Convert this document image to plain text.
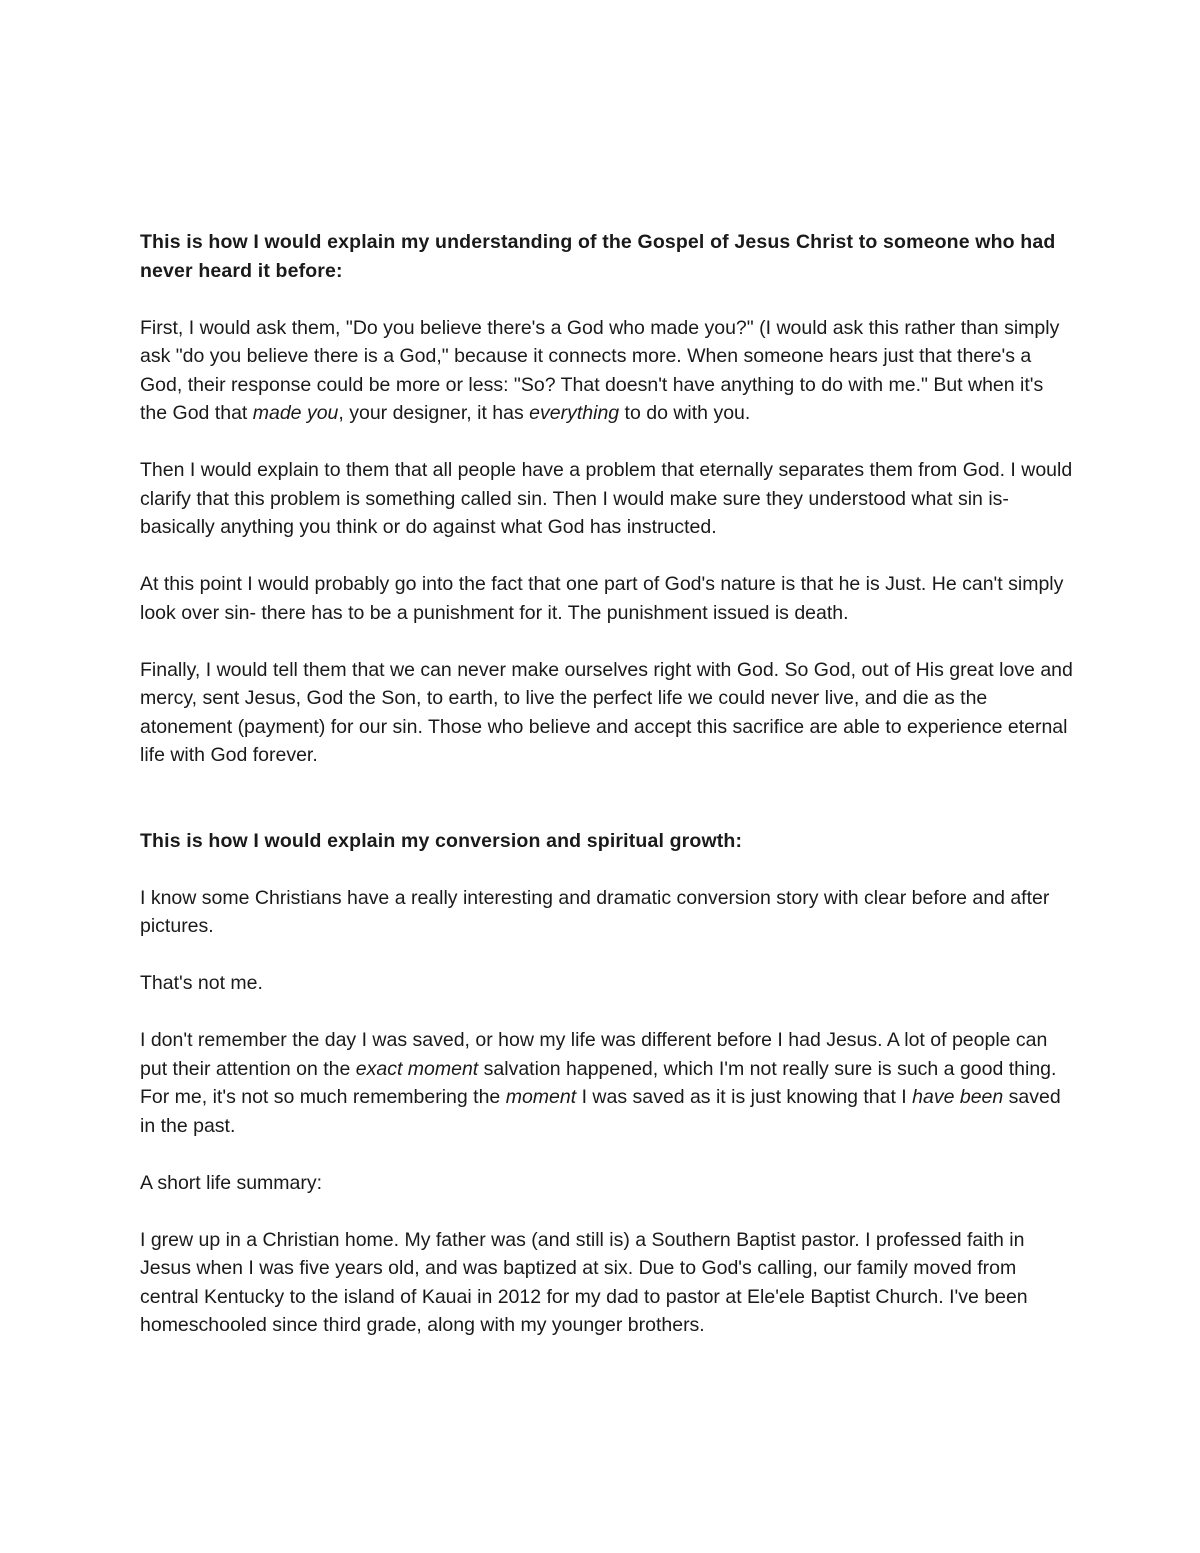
This is how I would explain my understanding of the Gospel of Jesus Christ to someone who had never heard it before:

First, I would ask them, "Do you believe there's a God who made you?" (I would ask this rather than simply ask "do you believe there is a God," because it connects more. When someone hears just that there's a God, their response could be more or less: "So? That doesn't have anything to do with me." But when it's the God that made you, your designer, it has everything to do with you.

Then I would explain to them that all people have a problem that eternally separates them from God. I would clarify that this problem is something called sin. Then I would make sure they understood what sin is- basically anything you think or do against what God has instructed.

At this point I would probably go into the fact that one part of God's nature is that he is Just. He can't simply look over sin- there has to be a punishment for it. The punishment issued is death.

Finally, I would tell them that we can never make ourselves right with God. So God, out of His great love and mercy, sent Jesus, God the Son, to earth, to live the perfect life we could never live, and die as the atonement (payment) for our sin. Those who believe and accept this sacrifice are able to experience eternal life with God forever.

This is how I would explain my conversion and spiritual growth:

I know some Christians have a really interesting and dramatic conversion story with clear before and after pictures.

That's not me.

I don't remember the day I was saved, or how my life was different before I had Jesus. A lot of people can put their attention on the exact moment salvation happened, which I'm not really sure is such a good thing. For me, it's not so much remembering the moment I was saved as it is just knowing that I have been saved in the past.

A short life summary:

I grew up in a Christian home. My father was (and still is) a Southern Baptist pastor. I professed faith in Jesus when I was five years old, and was baptized at six. Due to God's calling, our family moved from central Kentucky to the island of Kauai in 2012 for my dad to pastor at Ele'ele Baptist Church. I've been homeschooled since third grade, along with my younger brothers.
